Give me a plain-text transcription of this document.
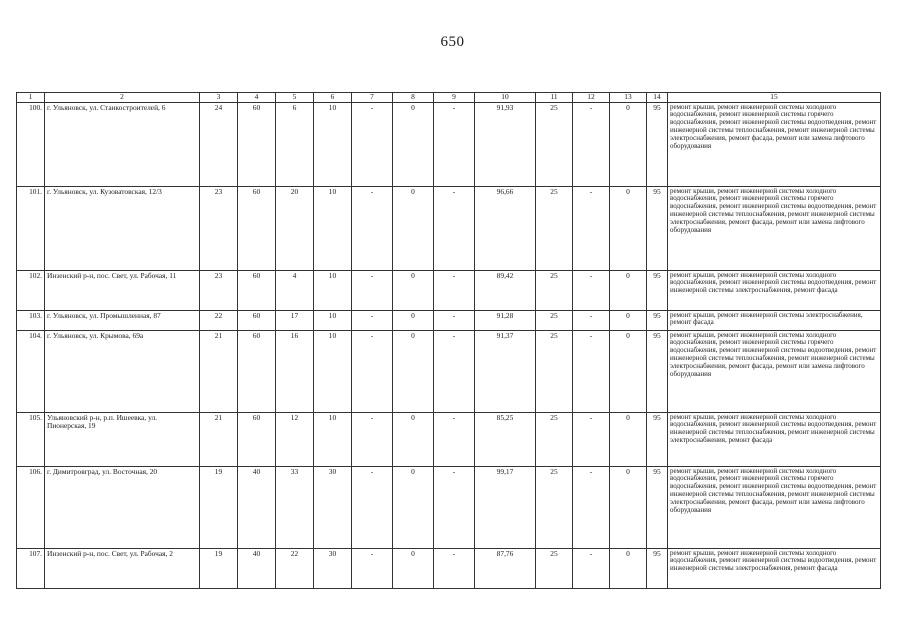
650
1	2	3	4	5	6	7	8	9	10	11	12	13	14	15
100.	г. Ульяновск, ул. Станкостроителей, 6	24	60	6	10	-	0	-	91,93	25	-	0	95	ремонт крыши, ремонт инженерной системы холодного водоснабжения, ремонт инженерной системы горячего водоснабжения, ремонт инженерной системы водоотведения, ремонт инженерной системы теплоснабжения, ремонт инженерной системы электроснабжения, ремонт фасада, ремонт или замена лифтового оборудования
101.	г. Ульяновск, ул. Кузоватовская, 12/3	23	60	20	10	-	0	-	96,66	25	-	0	95	ремонт крыши, ремонт инженерной системы холодного водоснабжения, ремонт инженерной системы горячего водоснабжения, ремонт инженерной системы водоотведения, ремонт инженерной системы теплоснабжения, ремонт инженерной системы электроснабжения, ремонт фасада, ремонт или замена лифтового оборудования
102.	Инзенский р-н, пос. Свет, ул. Рабочая, 11	23	60	4	10	-	0	-	89,42	25	-	0	95	ремонт крыши, ремонт инженерной системы холодного водоснабжения, ремонт инженерной системы водоотведения, ремонт инженерной системы электроснабжения, ремонт фасада
103.	г. Ульяновск, ул. Промышленная, 87	22	60	17	10	-	0	-	91,28	25	-	0	95	ремонт крыши, ремонт инженерной системы электроснабжения, ремонт фасада
104.	г. Ульяновск, ул. Крымова, 69а	21	60	16	10	-	0	-	91,37	25	-	0	95	ремонт крыши, ремонт инженерной системы холодного водоснабжения, ремонт инженерной системы горячего водоснабжения, ремонт инженерной системы водоотведения, ремонт инженерной системы теплоснабжения, ремонт инженерной системы электроснабжения, ремонт фасада, ремонт или замена лифтового оборудования
105.	Ульяновский р-н, р.п. Ишеевка, ул. Пионерская, 19	21	60	12	10	-	0	-	85,25	25	-	0	95	ремонт крыши, ремонт инженерной системы холодного водоснабжения, ремонт инженерной системы водоотведения, ремонт инженерной системы теплоснабжения, ремонт инженерной системы электроснабжения, ремонт фасада
106.	г. Димитровград, ул. Восточная, 20	19	40	33	30	-	0	-	99,17	25	-	0	95	ремонт крыши, ремонт инженерной системы холодного водоснабжения, ремонт инженерной системы горячего водоснабжения, ремонт инженерной системы водоотведения, ремонт инженерной системы теплоснабжения, ремонт инженерной системы электроснабжения, ремонт фасада, ремонт или замена лифтового оборудования
107.	Инзенский р-н, пос. Свет, ул. Рабочая, 2	19	40	22	30	-	0	-	87,76	25	-	0	95	ремонт крыши, ремонт инженерной системы холодного водоснабжения, ремонт инженерной системы водоотведения, ремонт инженерной системы электроснабжения, ремонт фасада
